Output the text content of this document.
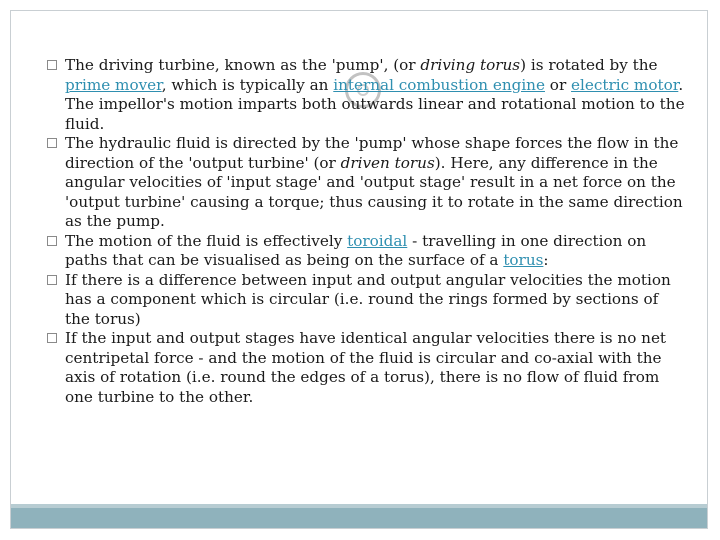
The driving turbine, known as the 'pump', (or driving torus) is rotated by the prime mover, which is typically an internal combustion engine or electric motor. The impellor's motion imparts both outwards linear and rotational motion to the fluid.

The hydraulic fluid is directed by the 'pump' whose shape forces the flow in the direction of the 'output turbine' (or driven torus). Here, any difference in the angular velocities of 'input stage' and 'output stage' result in a net force on the 'output turbine' causing a torque; thus causing it to rotate in the same direction as the pump.

The motion of the fluid is effectively toroidal - travelling in one direction on paths that can be visualised as being on the surface of a torus:

If there is a difference between input and output angular velocities the motion has a component which is circular (i.e. round the rings formed by sections of the torus)

If the input and output stages have identical angular velocities there is no net centripetal force - and the motion of the fluid is circular and co-axial with the axis of rotation (i.e. round the edges of a torus), there is no flow of fluid from one turbine to the other.
